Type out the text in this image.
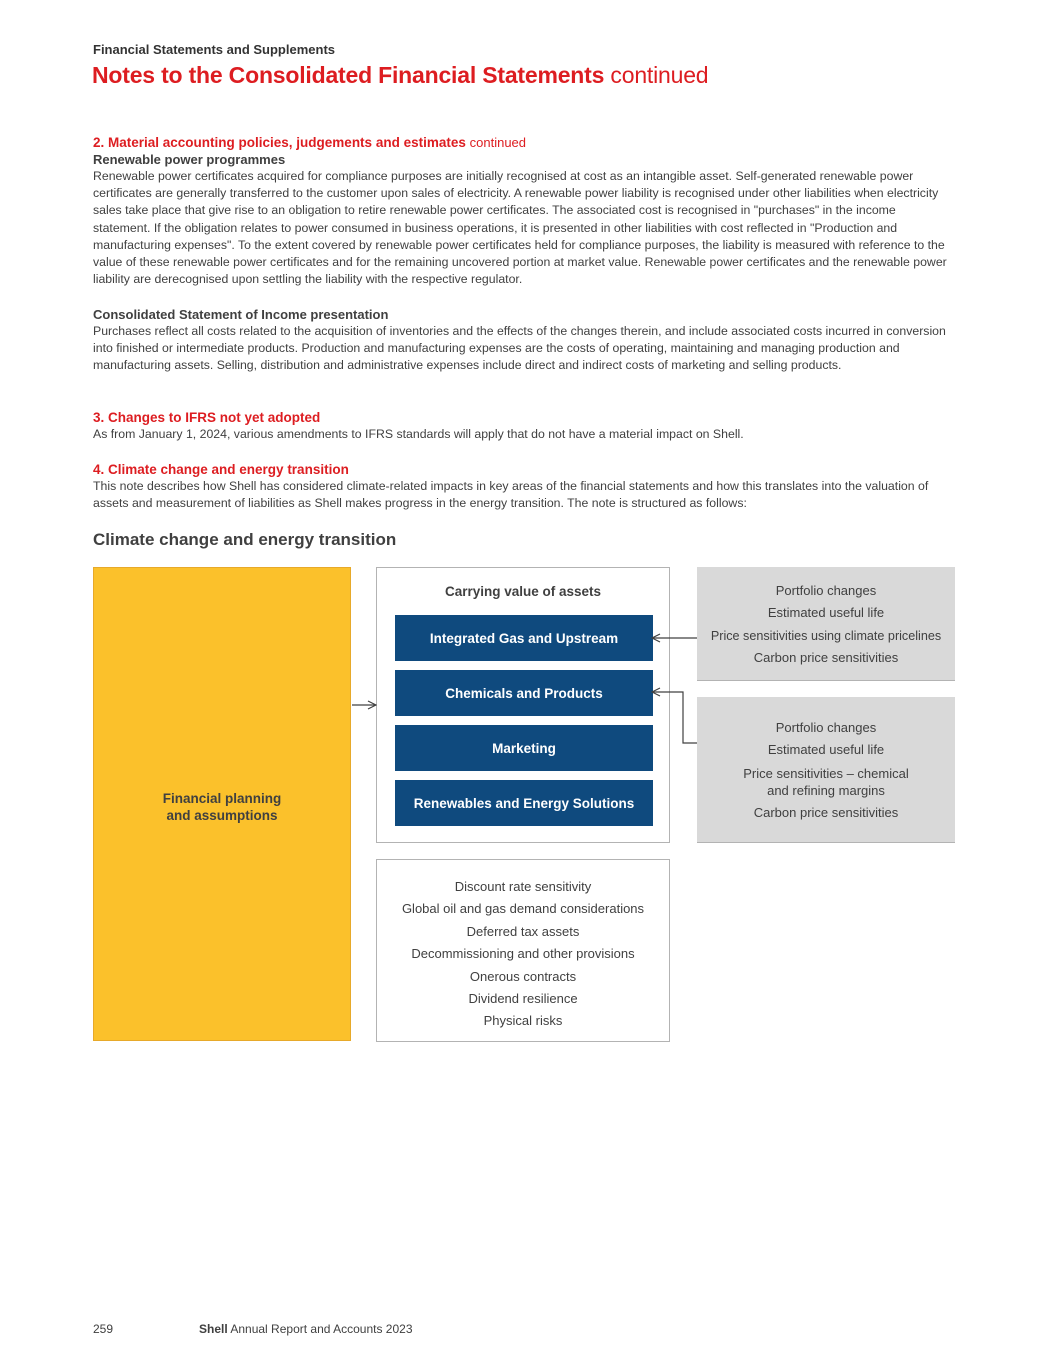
Financial Statements and Supplements
Notes to the Consolidated Financial Statements continued
2. Material accounting policies, judgements and estimates continued
Renewable power programmes

Renewable power certificates acquired for compliance purposes are initially recognised at cost as an intangible asset. Self-generated renewable power certificates are generally transferred to the customer upon sales of electricity. A renewable power liability is recognised under other liabilities when electricity sales take place that give rise to an obligation to retire renewable power certificates. The associated cost is recognised in "purchases" in the income statement. If the obligation relates to power consumed in business operations, it is presented in other liabilities with cost reflected in "Production and manufacturing expenses". To the extent covered by renewable power certificates held for compliance purposes, the liability is measured with reference to the value of these renewable power certificates and for the remaining uncovered portion at market value. Renewable power certificates and the renewable power liability are derecognised upon settling the liability with the respective regulator.

Consolidated Statement of Income presentation

Purchases reflect all costs related to the acquisition of inventories and the effects of the changes therein, and include associated costs incurred in conversion into finished or intermediate products. Production and manufacturing expenses are the costs of operating, maintaining and managing production and manufacturing assets. Selling, distribution and administrative expenses include direct and indirect costs of marketing and selling products.

3. Changes to IFRS not yet adopted

As from January 1, 2024, various amendments to IFRS standards will apply that do not have a material impact on Shell.

4. Climate change and energy transition

This note describes how Shell has considered climate-related impacts in key areas of the financial statements and how this translates into the valuation of assets and measurement of liabilities as Shell makes progress in the energy transition. The note is structured as follows:

Climate change and energy transition
Financial planning and assumptions
Carrying value of assets
Integrated Gas and Upstream
Chemicals and Products
Marketing
Renewables and Energy Solutions
Portfolio changes
Estimated useful life
Price sensitivities using climate pricelines
Carbon price sensitivities
Portfolio changes
Estimated useful life
Price sensitivities – chemical and refining margins
Carbon price sensitivities
Discount rate sensitivity
Global oil and gas demand considerations
Deferred tax assets
Decommissioning and other provisions
Onerous contracts
Dividend resilience
Physical risks
259	Shell Annual Report and Accounts 2023
